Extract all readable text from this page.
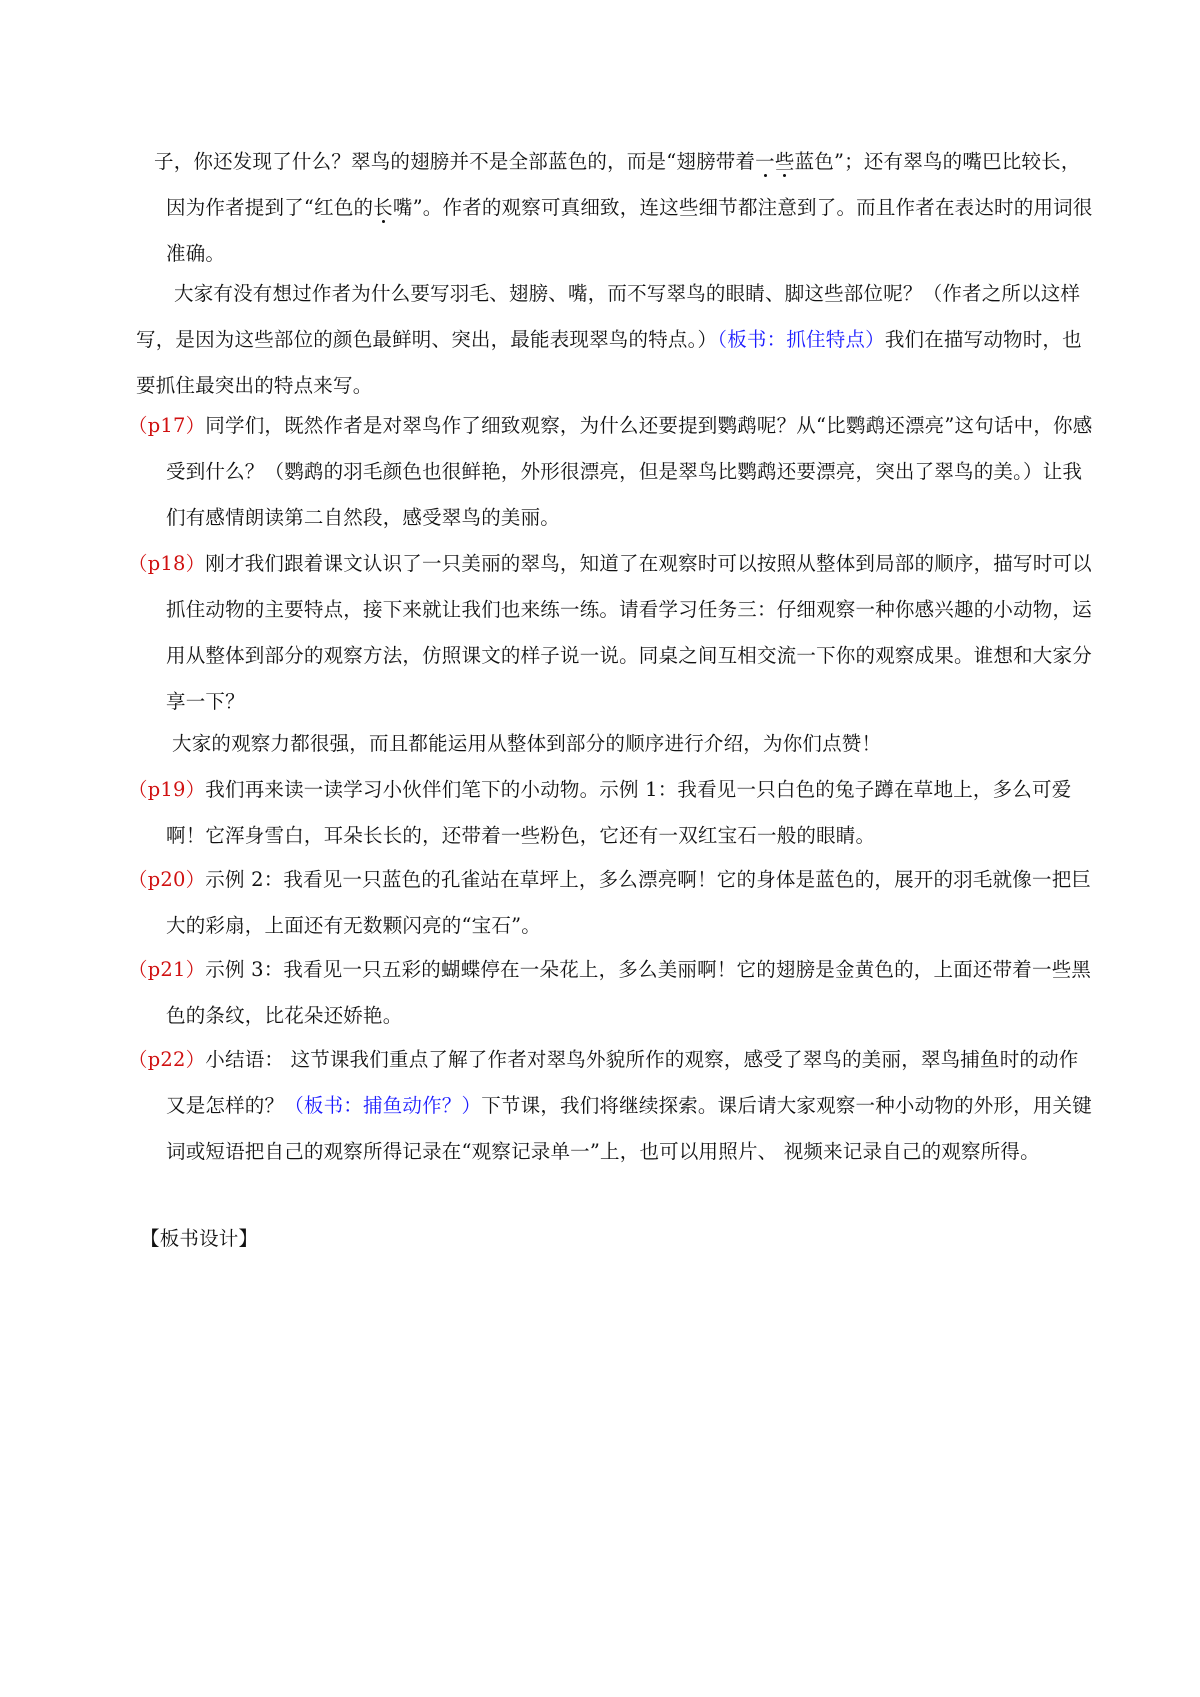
子，你还发现了什么？翠鸟的翅膀并不是全部蓝色的，而是“翅膀带着一些蓝色”；还有翠鸟的嘴巴比较长，因为作者提到了“红色的长嘴”。作者的观察可真细致，连这些细节都注意到了。而且作者在表达时的用词很准确。

大家有没有想过作者为什么要写羽毛、翅膀、嘴，而不写翠鸟的眼睛、脚这些部位呢？（作者之所以这样写，是因为这些部位的颜色最鲜明、突出，最能表现翠鸟的特点。）（板书：抓住特点）我们在描写动物时，也要抓住最突出的特点来写。

（p17）同学们，既然作者是对翠鸟作了细致观察，为什么还要提到鹦鹉呢？从“比鹦鹉还漂亮”这句话中，你感受到什么？（鹦鹉的羽毛颜色也很鲜艳，外形很漂亮，但是翠鸟比鹦鹉还要漂亮，突出了翠鸟的美。）让我们有感情朗读第二自然段，感受翠鸟的美丽。

（p18）刚才我们跟着课文认识了一只美丽的翠鸟，知道了在观察时可以按照从整体到局部的顺序，描写时可以抓住动物的主要特点，接下来就让我们也来练一练。请看学习任务三：仔细观察一种你感兴趣的小动物，运用从整体到部分的观察方法，仿照课文的样子说一说。同桌之间互相交流一下你的观察成果。谁想和大家分享一下？

大家的观察力都很强，而且都能运用从整体到部分的顺序进行介绍，为你们点赞！

（p19）我们再来读一读学习小伙伴们笔下的小动物。示例 1：我看见一只白色的兔子蹲在草地上，多么可爱啊！它浑身雪白，耳朵长长的，还带着一些粉色，它还有一双红宝石一般的眼睛。

（p20）示例 2：我看见一只蓝色的孔雀站在草坪上，多么漂亮啊！它的身体是蓝色的，展开的羽毛就像一把巨大的彩扇，上面还有无数颗闪亮的“宝石”。

（p21）示例 3：我看见一只五彩的蝴蝶停在一朵花上，多么美丽啊！它的翅膀是金黄色的，上面还带着一些黑色的条纹，比花朵还娇艳。

（p22）小结语： 这节课我们重点了解了作者对翠鸟外貌所作的观察，感受了翠鸟的美丽，翠鸟捕鱼时的动作又是怎样的？（板书：捕鱼动作？）下节课，我们将继续探索。课后请大家观察一种小动物的外形，用关键词或短语把自己的观察所得记录在“观察记录单一”上，也可以用照片、 视频来记录自己的观察所得。

【板书设计】
